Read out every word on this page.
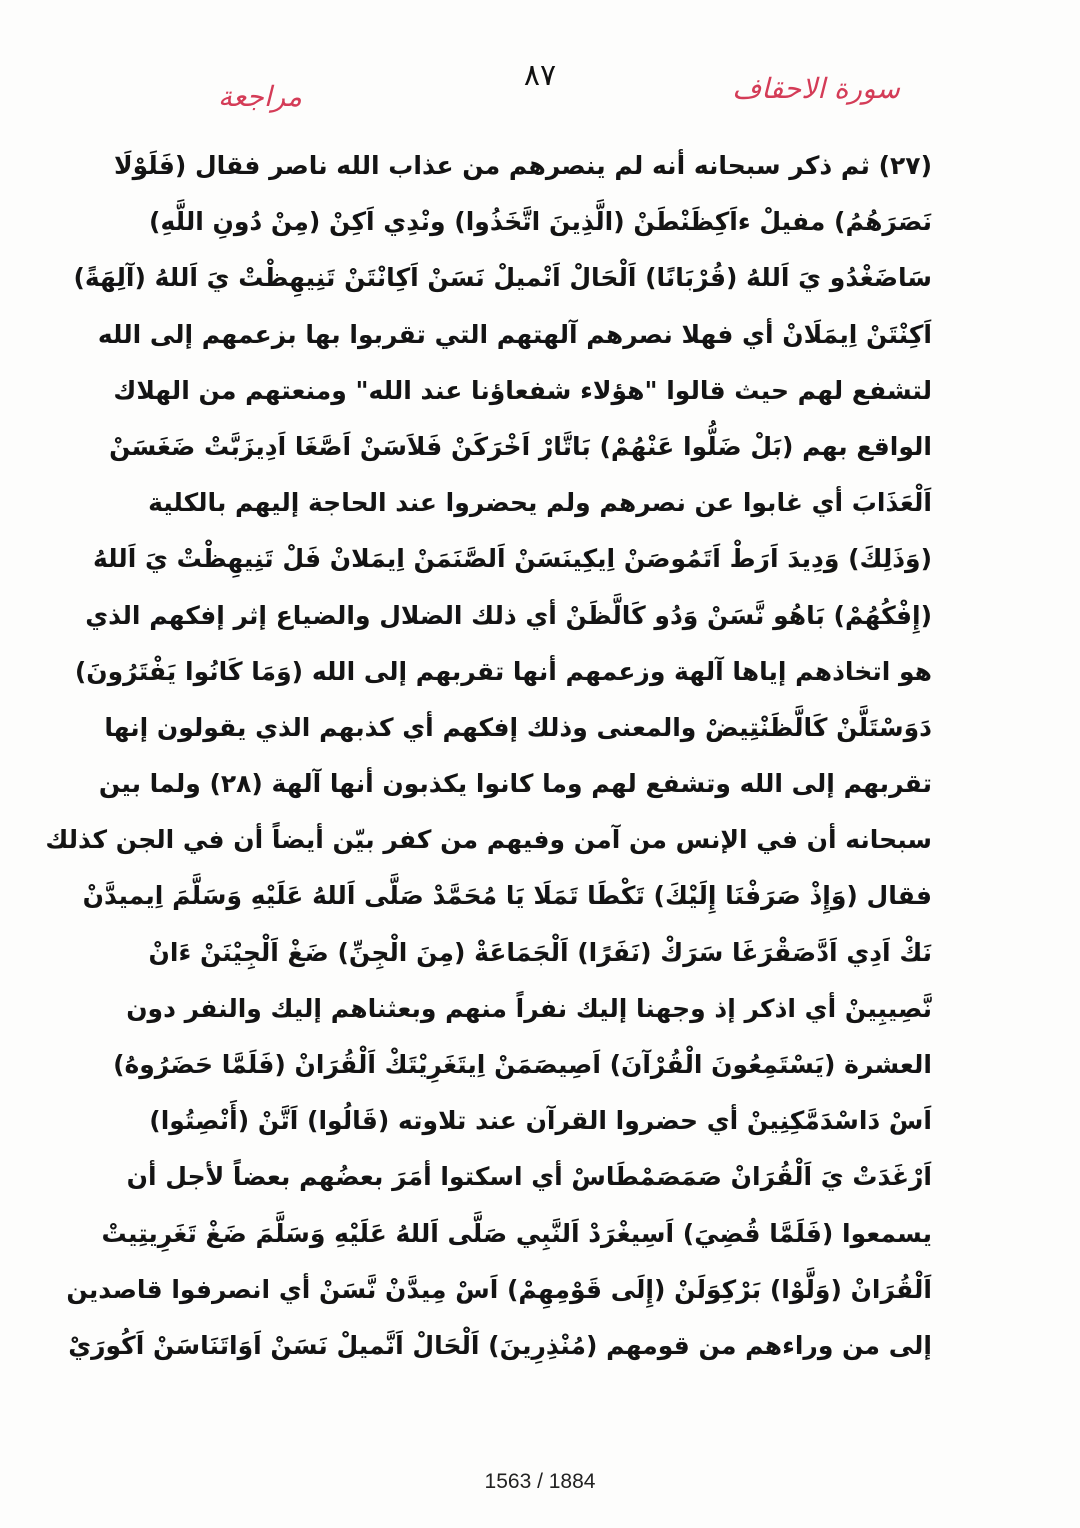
٨٧	سورة الاحقاف
مراجعة
(٢٧) ثم ذكر سبحانه أنه لم ينصرهم من عذاب الله ناصر فقال (فَلَوْلَا
نَصَرَهُمُ) مفيلْ ءاَكِظَنْطَنْ (الَّذِينَ اتَّخَذُوا) ونْدِي اَكِنْ (مِنْ دُونِ اللَّهِ)
سَاضَغْدُو يَ اَللهُ (قُرْبَانًا) اَلْحَالْ اَنْميلْ نَسَنْ اَكِانْتَنْ تَنِيهِظْتْ يَ اَللهُ (آلِهَةً)
اَكِنْتَنْ اِيمَلَانْ أي فهلا نصرهم آلهتهم التي تقربوا بها بزعمهم إلى الله
لتشفع لهم حيث قالوا "هؤلاء شفعاؤنا عند الله" ومنعتهم من الهلاك
الواقع بهم (بَلْ ضَلُّوا عَنْهُمْ) بَاتَّارْ اَخْرَكَنْ فَلاَسَنْ اَصَّغَا اَدِيزَبَّتْ ضَغَسَنْ
اَلْعَذَابَ أي غابوا عن نصرهم ولم يحضروا عند الحاجة إليهم بالكلية
(وَذَلِكَ) وَدِيدَ اَرَطْ اَتَمُوصَنْ اِيكِينَسَنْ اَلصَّنَمَنْ اِيمَلانْ فَلْ تَنِيهِظْتْ يَ اَللهُ
(إِفْكُهُمْ) بَاهُو نَّسَنْ وَدُو كَالَّظَنْ أي ذلك الضلال والضياع إثر إفكهم الذي
هو اتخاذهم إياها آلهة وزعمهم أنها تقربهم إلى الله (وَمَا كَانُوا يَفْتَرُونَ)
دَوَسْتَلَّنْ كَالَّظَنْتِيضْ والمعنى وذلك إفكهم أي كذبهم الذي يقولون إنها
تقربهم إلى الله وتشفع لهم وما كانوا يكذبون أنها آلهة (٢٨) ولما بين
سبحانه أن في الإنس من آمن وفيهم من كفر بيّن أيضاً أن في الجن كذلك
فقال (وَإِذْ صَرَفْنَا إِلَيْكَ) تَكْطَا تَمَلَا يَا مُحَمَّدْ صَلَّى اَللهُ عَلَيْهِ وَسَلَّمَ اِيميدَّنْ
نَكْ اَدِي اَدَّصَقْرَغَا سَرَكْ (نَفَرًا) اَلْجَمَاعَةْ (مِنَ الْجِنِّ) ضَغْ اَلْجِيْنَنْ ءَانْ
نَّصِيبِينْ أي اذكر إذ وجهنا إليك نفراً منهم وبعثناهم إليك والنفر دون
العشرة (يَسْتَمِعُونَ الْقُرْآنَ) اَصِيصَمَنْ اِيتَغَرِيْتَكْ اَلْقُرَانْ (فَلَمَّا حَضَرُوهُ)
اَسْ دَاسْدَمَّكِنِينْ أي حضروا القرآن عند تلاوته (قَالُوا) اَتَّنْ (أَنْصِتُوا)
اَرْغَدَتْ يَ اَلْقُرَانْ صَمَصَمْطَاسْ أي اسكتوا أمَرَ بعضُهم بعضاً لأجل أن
يسمعوا (فَلَمَّا قُضِيَ) اَسِيغْرَدْ اَلنَّبِي صَلَّى اَللهُ عَلَيْهِ وَسَلَّمَ ضَغْ تَغَرِيتِيتْ
اَلْقُرَانْ (وَلَّوْا) بَرْكِوَلَنْ (إِلَى قَوْمِهِمْ) اَسْ مِيدَّنْ نَّسَنْ أي انصرفوا قاصدين
إلى من وراءهم من قومهم (مُنْذِرِينَ) اَلْحَالْ اَنَّميلْ نَسَنْ اَوَاتَنَاسَنْ اَكُورَيْ
1563 / 1884
